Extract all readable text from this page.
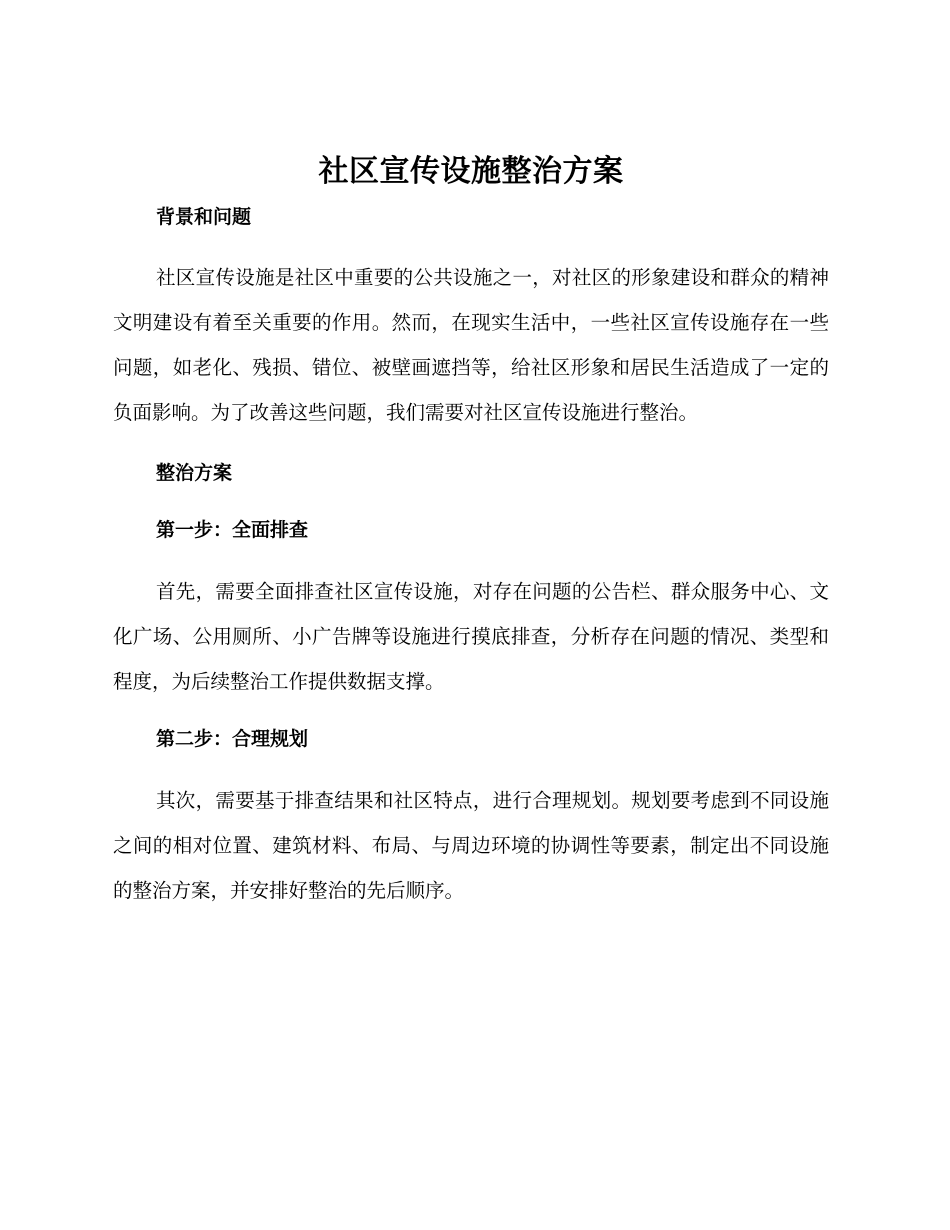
社区宣传设施整治方案
背景和问题

社区宣传设施是社区中重要的公共设施之一，对社区的形象建设和群众的精神文明建设有着至关重要的作用。然而，在现实生活中，一些社区宣传设施存在一些问题，如老化、残损、错位、被壁画遮挡等，给社区形象和居民生活造成了一定的负面影响。为了改善这些问题，我们需要对社区宣传设施进行整治。

整治方案
第一步：全面排查

首先，需要全面排查社区宣传设施，对存在问题的公告栏、群众服务中心、文化广场、公用厕所、小广告牌等设施进行摸底排查，分析存在问题的情况、类型和程度，为后续整治工作提供数据支撑。

第二步：合理规划

其次，需要基于排查结果和社区特点，进行合理规划。规划要考虑到不同设施之间的相对位置、建筑材料、布局、与周边环境的协调性等要素，制定出不同设施的整治方案，并安排好整治的先后顺序。
